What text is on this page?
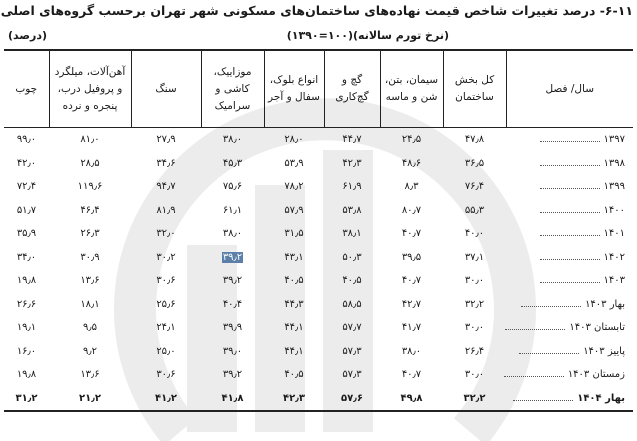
۶-۱۱- درصد تغییرات شاخص قیمت نهاده‌های ساختمان‌های مسکونی شهر تهران برحسب گروه‌های اصلی
(نرخ تورم سالانه)(۱۰۰=۱۳۹۰)
(درصد)
سال/ فصل	کل بخش ساختمان	سیمان، بتن، شن و ماسه	گچ و گچ‌کاری	انواع بلوک، سفال و آجر	موزاییک، کاشی و سرامیک	سنگ	آهن‌آلات، میلگرد و پروفیل درب، پنجره و نرده	چوب
۱۳۹۷	۴۷٫۸	۲۴٫۵	۴۴٫۷	۲۸٫۰	۳۸٫۰	۲۷٫۹	۸۱٫۰	۹۹٫۰
۱۳۹۸	۳۶٫۵	۴۸٫۶	۴۲٫۳	۵۳٫۹	۴۵٫۳	۳۴٫۶	۲۸٫۵	۴۲٫۰
۱۳۹۹	۷۶٫۴	۸٫۳	۶۱٫۹	۷۸٫۲	۷۵٫۶	۹۴٫۷	۱۱۹٫۶	۷۲٫۴
۱۴۰۰	۵۵٫۳	۸۰٫۷	۵۳٫۸	۵۷٫۹	۶۱٫۱	۸۱٫۹	۴۶٫۴	۵۱٫۷
۱۴۰۱	۴۰٫۰	۴۰٫۷	۳۸٫۱	۳۱٫۵	۳۸٫۰	۳۲٫۰	۲۶٫۳	۳۵٫۹
۱۴۰۲	۳۷٫۱	۳۹٫۵	۵۰٫۳	۴۳٫۱	۳۹٫۲	۳۰٫۲	۳۰٫۹	۳۴٫۰
۱۴۰۳	۳۰٫۰	۴۰٫۷	۴۰٫۵	۴۰٫۵	۳۹٫۲	۳۰٫۶	۱۳٫۶	۱۹٫۸
بهار ۱۴۰۳	۳۲٫۲	۴۲٫۷	۵۸٫۵	۴۴٫۳	۴۰٫۴	۲۵٫۶	۱۸٫۱	۲۶٫۶
تابستان ۱۴۰۳	۳۰٫۰	۴۱٫۷	۵۷٫۷	۴۴٫۱	۳۹٫۹	۲۴٫۱	۹٫۵	۱۹٫۱
پاییز ۱۴۰۳	۲۶٫۴	۳۸٫۰	۵۷٫۳	۴۴٫۱	۳۹٫۰	۲۵٫۰	۹٫۲	۱۶٫۰
زمستان ۱۴۰۳	۳۰٫۰	۴۰٫۷	۵۷٫۳	۴۰٫۵	۳۹٫۲	۳۰٫۶	۱۳٫۶	۱۹٫۸
بهار ۱۴۰۴	۳۲٫۲	۴۹٫۸	۵۷٫۶	۴۲٫۳	۴۱٫۸	۴۱٫۲	۲۱٫۲	۳۱٫۲
